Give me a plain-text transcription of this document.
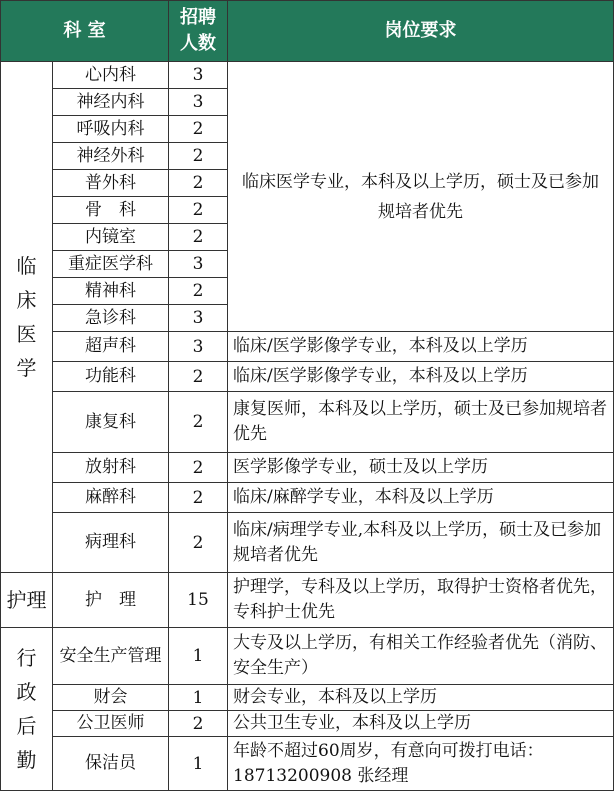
科 室		招聘人数	岗位要求
临床医学	心内科	3	临床医学专业，本科及以上学历，硕士及已参加规培者优先
	神经内科	3	
	呼吸内科	2	
	神经外科	2	
	普外科	2	
	骨　科	2	
	内镜室	2	
	重症医学科	3	
	精神科	2	
	急诊科	3	
	超声科	3	临床/医学影像学专业，本科及以上学历
	功能科	2	临床/医学影像学专业，本科及以上学历
	康复科	2	康复医师，本科及以上学历，硕士及已参加规培者优先
	放射科	2	医学影像学专业，硕士及以上学历
	麻醉科	2	临床/麻醉学专业，本科及以上学历
	病理科	2	临床/病理学专业,本科及以上学历，硕士及已参加规培者优先
护理	护　理	15	护理学，专科及以上学历，取得护士资格者优先，专科护士优先
行政后勤	安全生产管理	1	大专及以上学历，有相关工作经验者优先（消防、安全生产）
	财会	1	财会专业，本科及以上学历
	公卫医师	2	公共卫生专业，本科及以上学历
	保洁员	1	年龄不超过60周岁，有意向可拨打电话：18713200908 张经理
